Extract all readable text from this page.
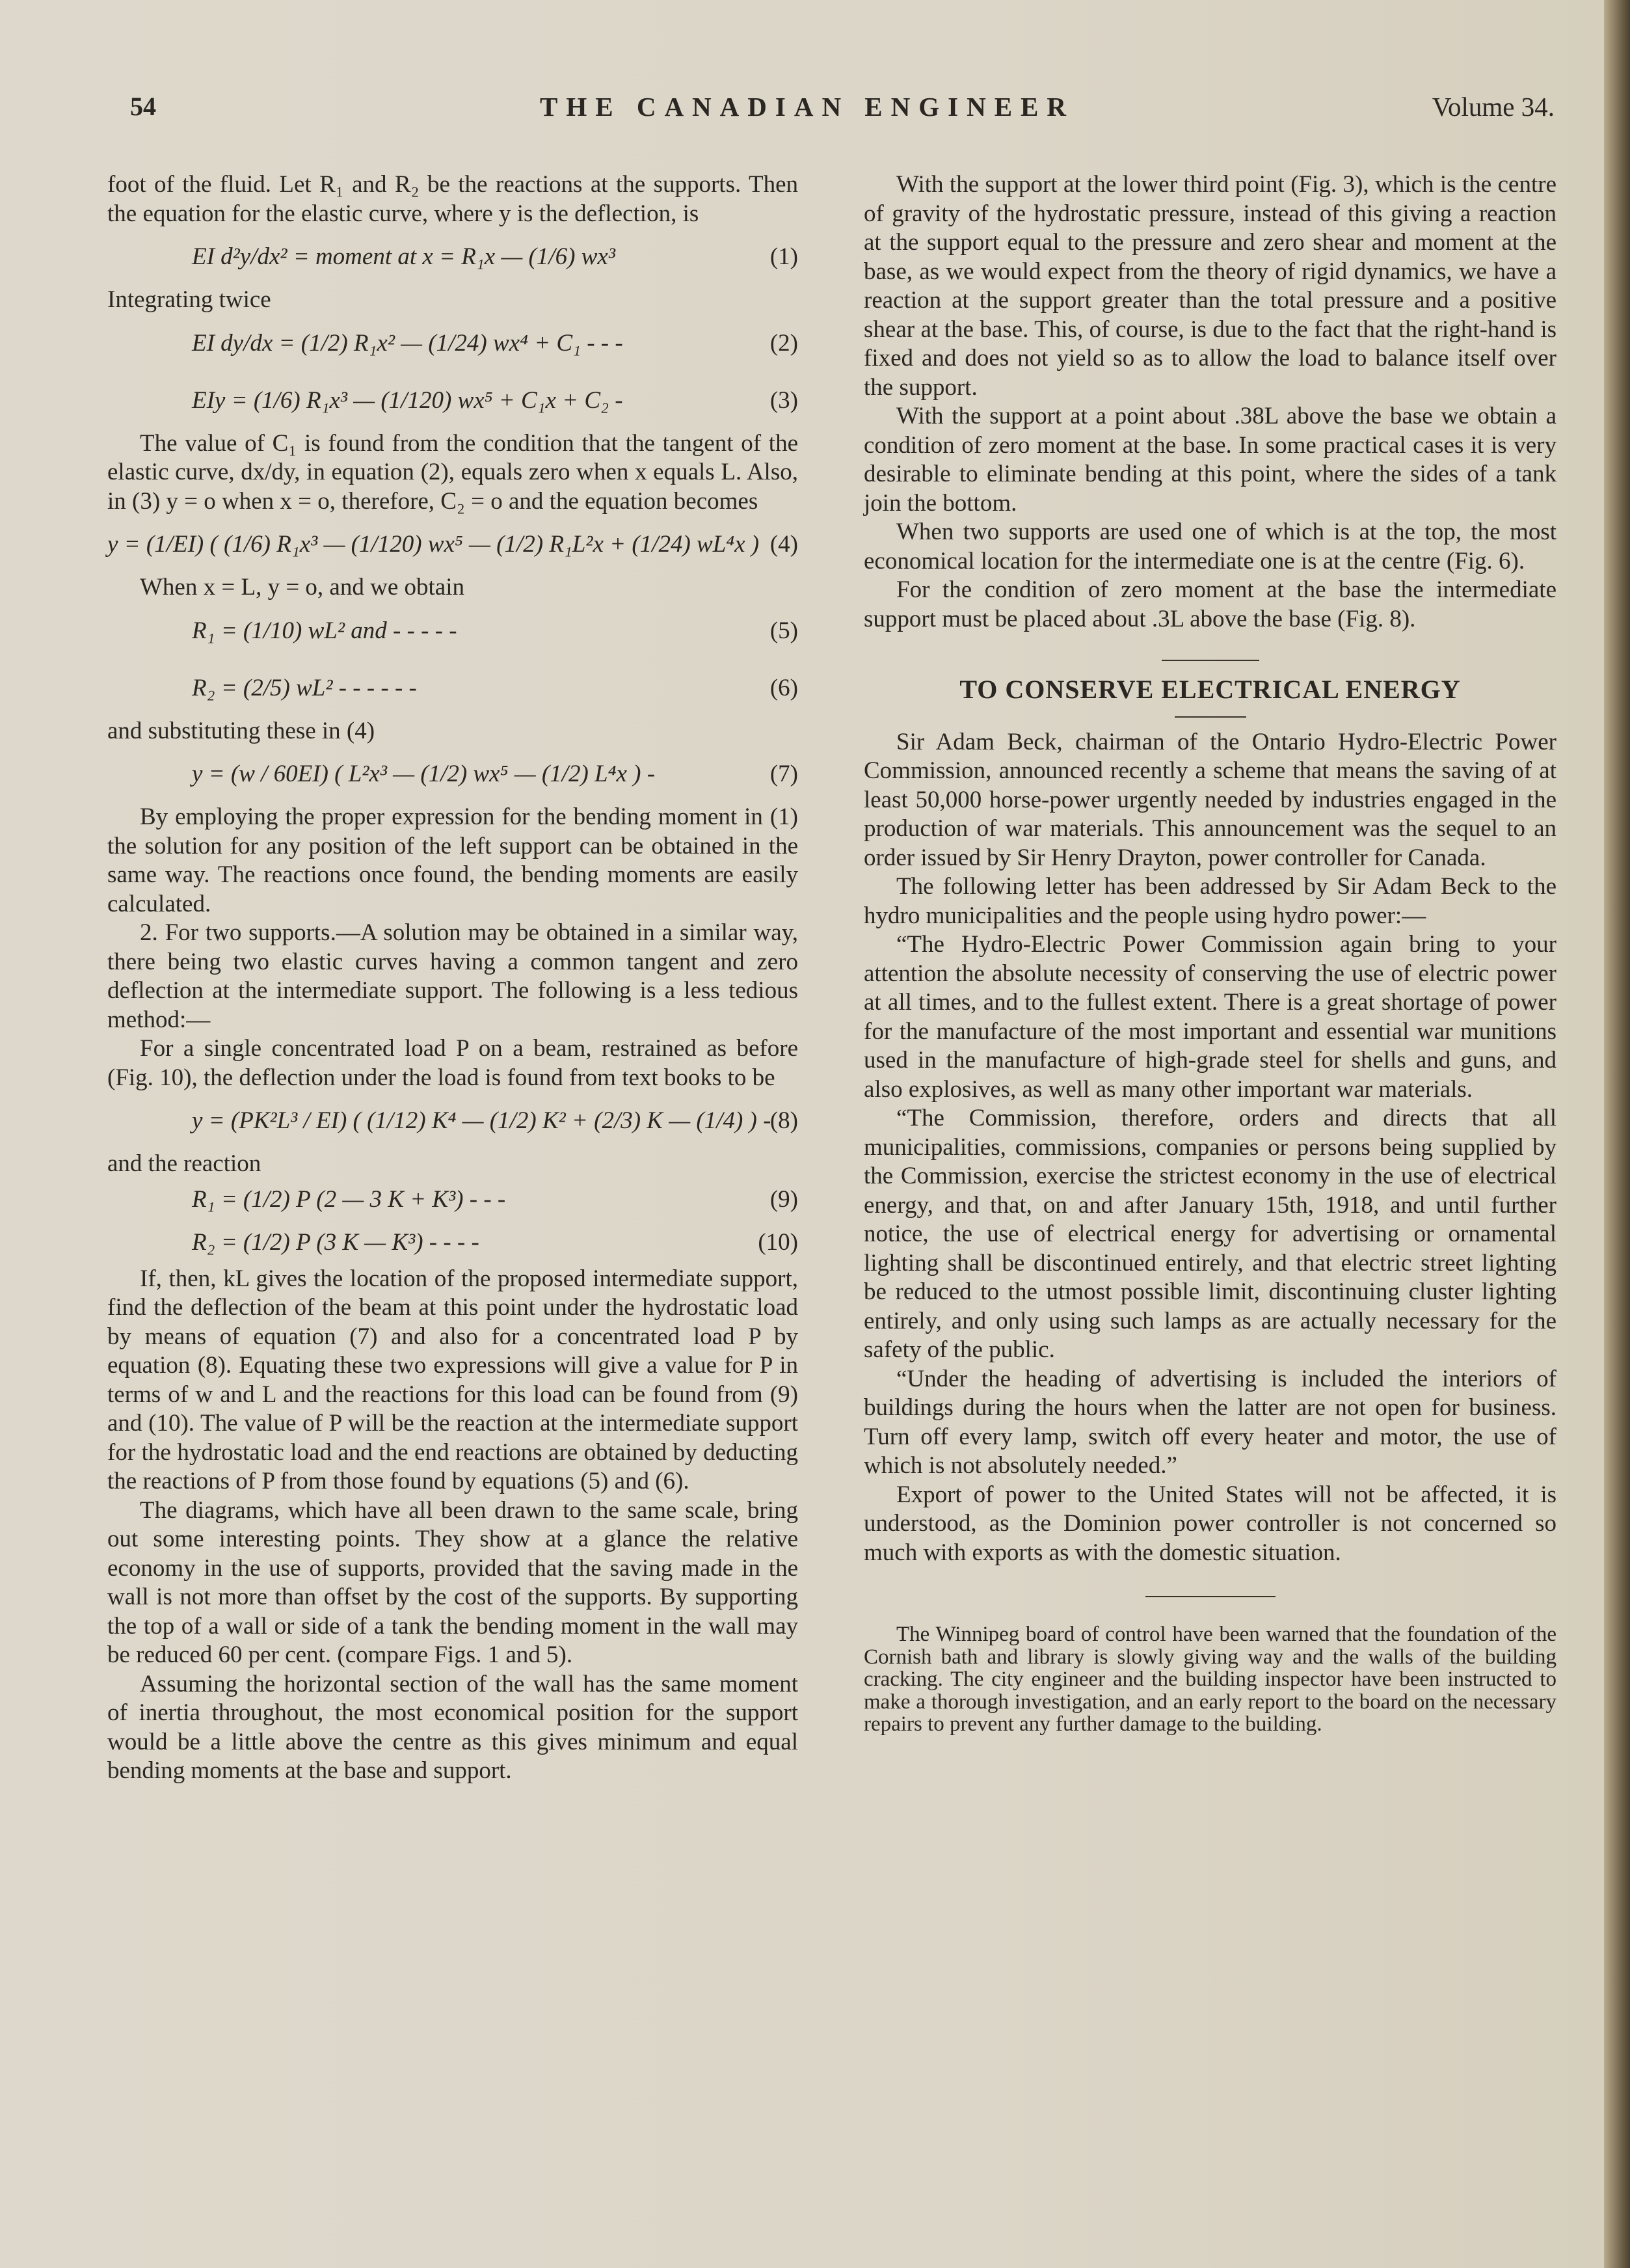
54	THE CANADIAN ENGINEER	Volume 34.

foot of the fluid. Let R₁ and R₂ be the reactions at the supports. Then the equation for the elastic curve, where y is the deflection, is

EI d²y/dx² = moment at x = R₁x — (1/6) wx³	(1)

Integrating twice

EI dy/dx = (1/2) R₁x² — (1/24) wx⁴ + C₁ - - -	(2)
EIy = (1/6) R₁x³ — (1/120) wx⁵ + C₁x + C₂ -	(3)

The value of C₁ is found from the condition that the tangent of the elastic curve, dx/dy, in equation (2), equals zero when x equals L. Also, in (3) y = o when x = o, therefore, C₂ = o and the equation becomes

y = (1/EI) ( (1/6) R₁x³ — (1/120) wx⁵ — (1/2) R₁L²x + (1/24) wL⁴x ) (4)

When x = L, y = o, and we obtain

R₁ = (1/10) wL² and - - - - -	(5)
R₂ = (2/5) wL² - - - - - -	(6)

and substituting these in (4)

y = (w / 60EI) ( L²x³ — (1/2) wx⁵ — (1/2) L⁴x ) -	(7)

By employing the proper expression for the bending moment in (1) the solution for any position of the left support can be obtained in the same way. The reactions once found, the bending moments are easily calculated.

2. For two supports.—A solution may be obtained in a similar way, there being two elastic curves having a common tangent and zero deflection at the intermediate support. The following is a less tedious method:—

For a single concentrated load P on a beam, restrained as before (Fig. 10), the deflection under the load is found from text books to be

y = (PK²L³ / EI) ( (1/12) K⁴ — (1/2) K² + (2/3) K — (1/4) ) -
(8)

and the reaction

R₁ = (1/2) P (2 — 3 K + K³) - - -	(9)
R₂ = (1/2) P (3 K — K³) - - - -	(10)

If, then, kL gives the location of the proposed intermediate support, find the deflection of the beam at this point under the hydrostatic load by means of equation (7) and also for a concentrated load P by equation (8). Equating these two expressions will give a value for P in terms of w and L and the reactions for this load can be found from (9) and (10). The value of P will be the reaction at the intermediate support for the hydrostatic load and the end reactions are obtained by deducting the reactions of P from those found by equations (5) and (6).

The diagrams, which have all been drawn to the same scale, bring out some interesting points. They show at a glance the relative economy in the use of supports, provided that the saving made in the wall is not more than offset by the cost of the supports. By supporting the top of a wall or side of a tank the bending moment in the wall may be reduced 60 per cent. (compare Figs. 1 and 5).

Assuming the horizontal section of the wall has the same moment of inertia throughout, the most economical position for the support would be a little above the centre as this gives minimum and equal bending moments at the base and support.

With the support at the lower third point (Fig. 3), which is the centre of gravity of the hydrostatic pressure, instead of this giving a reaction at the support equal to the pressure and zero shear and moment at the base, as we would expect from the theory of rigid dynamics, we have a reaction at the support greater than the total pressure and a positive shear at the base. This, of course, is due to the fact that the right-hand is fixed and does not yield so as to allow the load to balance itself over the support.

With the support at a point about .38L above the base we obtain a condition of zero moment at the base. In some practical cases it is very desirable to eliminate bending at this point, where the sides of a tank join the bottom.

When two supports are used one of which is at the top, the most economical location for the intermediate one is at the centre (Fig. 6).

For the condition of zero moment at the base the intermediate support must be placed about .3L above the base (Fig. 8).

TO CONSERVE ELECTRICAL ENERGY

Sir Adam Beck, chairman of the Ontario Hydro-Electric Power Commission, announced recently a scheme that means the saving of at least 50,000 horse-power urgently needed by industries engaged in the production of war materials. This announcement was the sequel to an order issued by Sir Henry Drayton, power controller for Canada.

The following letter has been addressed by Sir Adam Beck to the hydro municipalities and the people using hydro power:—

“The Hydro-Electric Power Commission again bring to your attention the absolute necessity of conserving the use of electric power at all times, and to the fullest extent. There is a great shortage of power for the manufacture of the most important and essential war munitions used in the manufacture of high-grade steel for shells and guns, and also explosives, as well as many other important war materials.

“The Commission, therefore, orders and directs that all municipalities, commissions, companies or persons being supplied by the Commission, exercise the strictest economy in the use of electrical energy, and that, on and after January 15th, 1918, and until further notice, the use of electrical energy for advertising or ornamental lighting shall be discontinued entirely, and that electric street lighting be reduced to the utmost possible limit, discontinuing cluster lighting entirely, and only using such lamps as are actually necessary for the safety of the public.

“Under the heading of advertising is included the interiors of buildings during the hours when the latter are not open for business. Turn off every lamp, switch off every heater and motor, the use of which is not absolutely needed.”

Export of power to the United States will not be affected, it is understood, as the Dominion power controller is not concerned so much with exports as with the domestic situation.

The Winnipeg board of control have been warned that the foundation of the Cornish bath and library is slowly giving way and the walls of the building cracking. The city engineer and the building inspector have been instructed to make a thorough investigation, and an early report to the board on the necessary repairs to prevent any further damage to the building.
